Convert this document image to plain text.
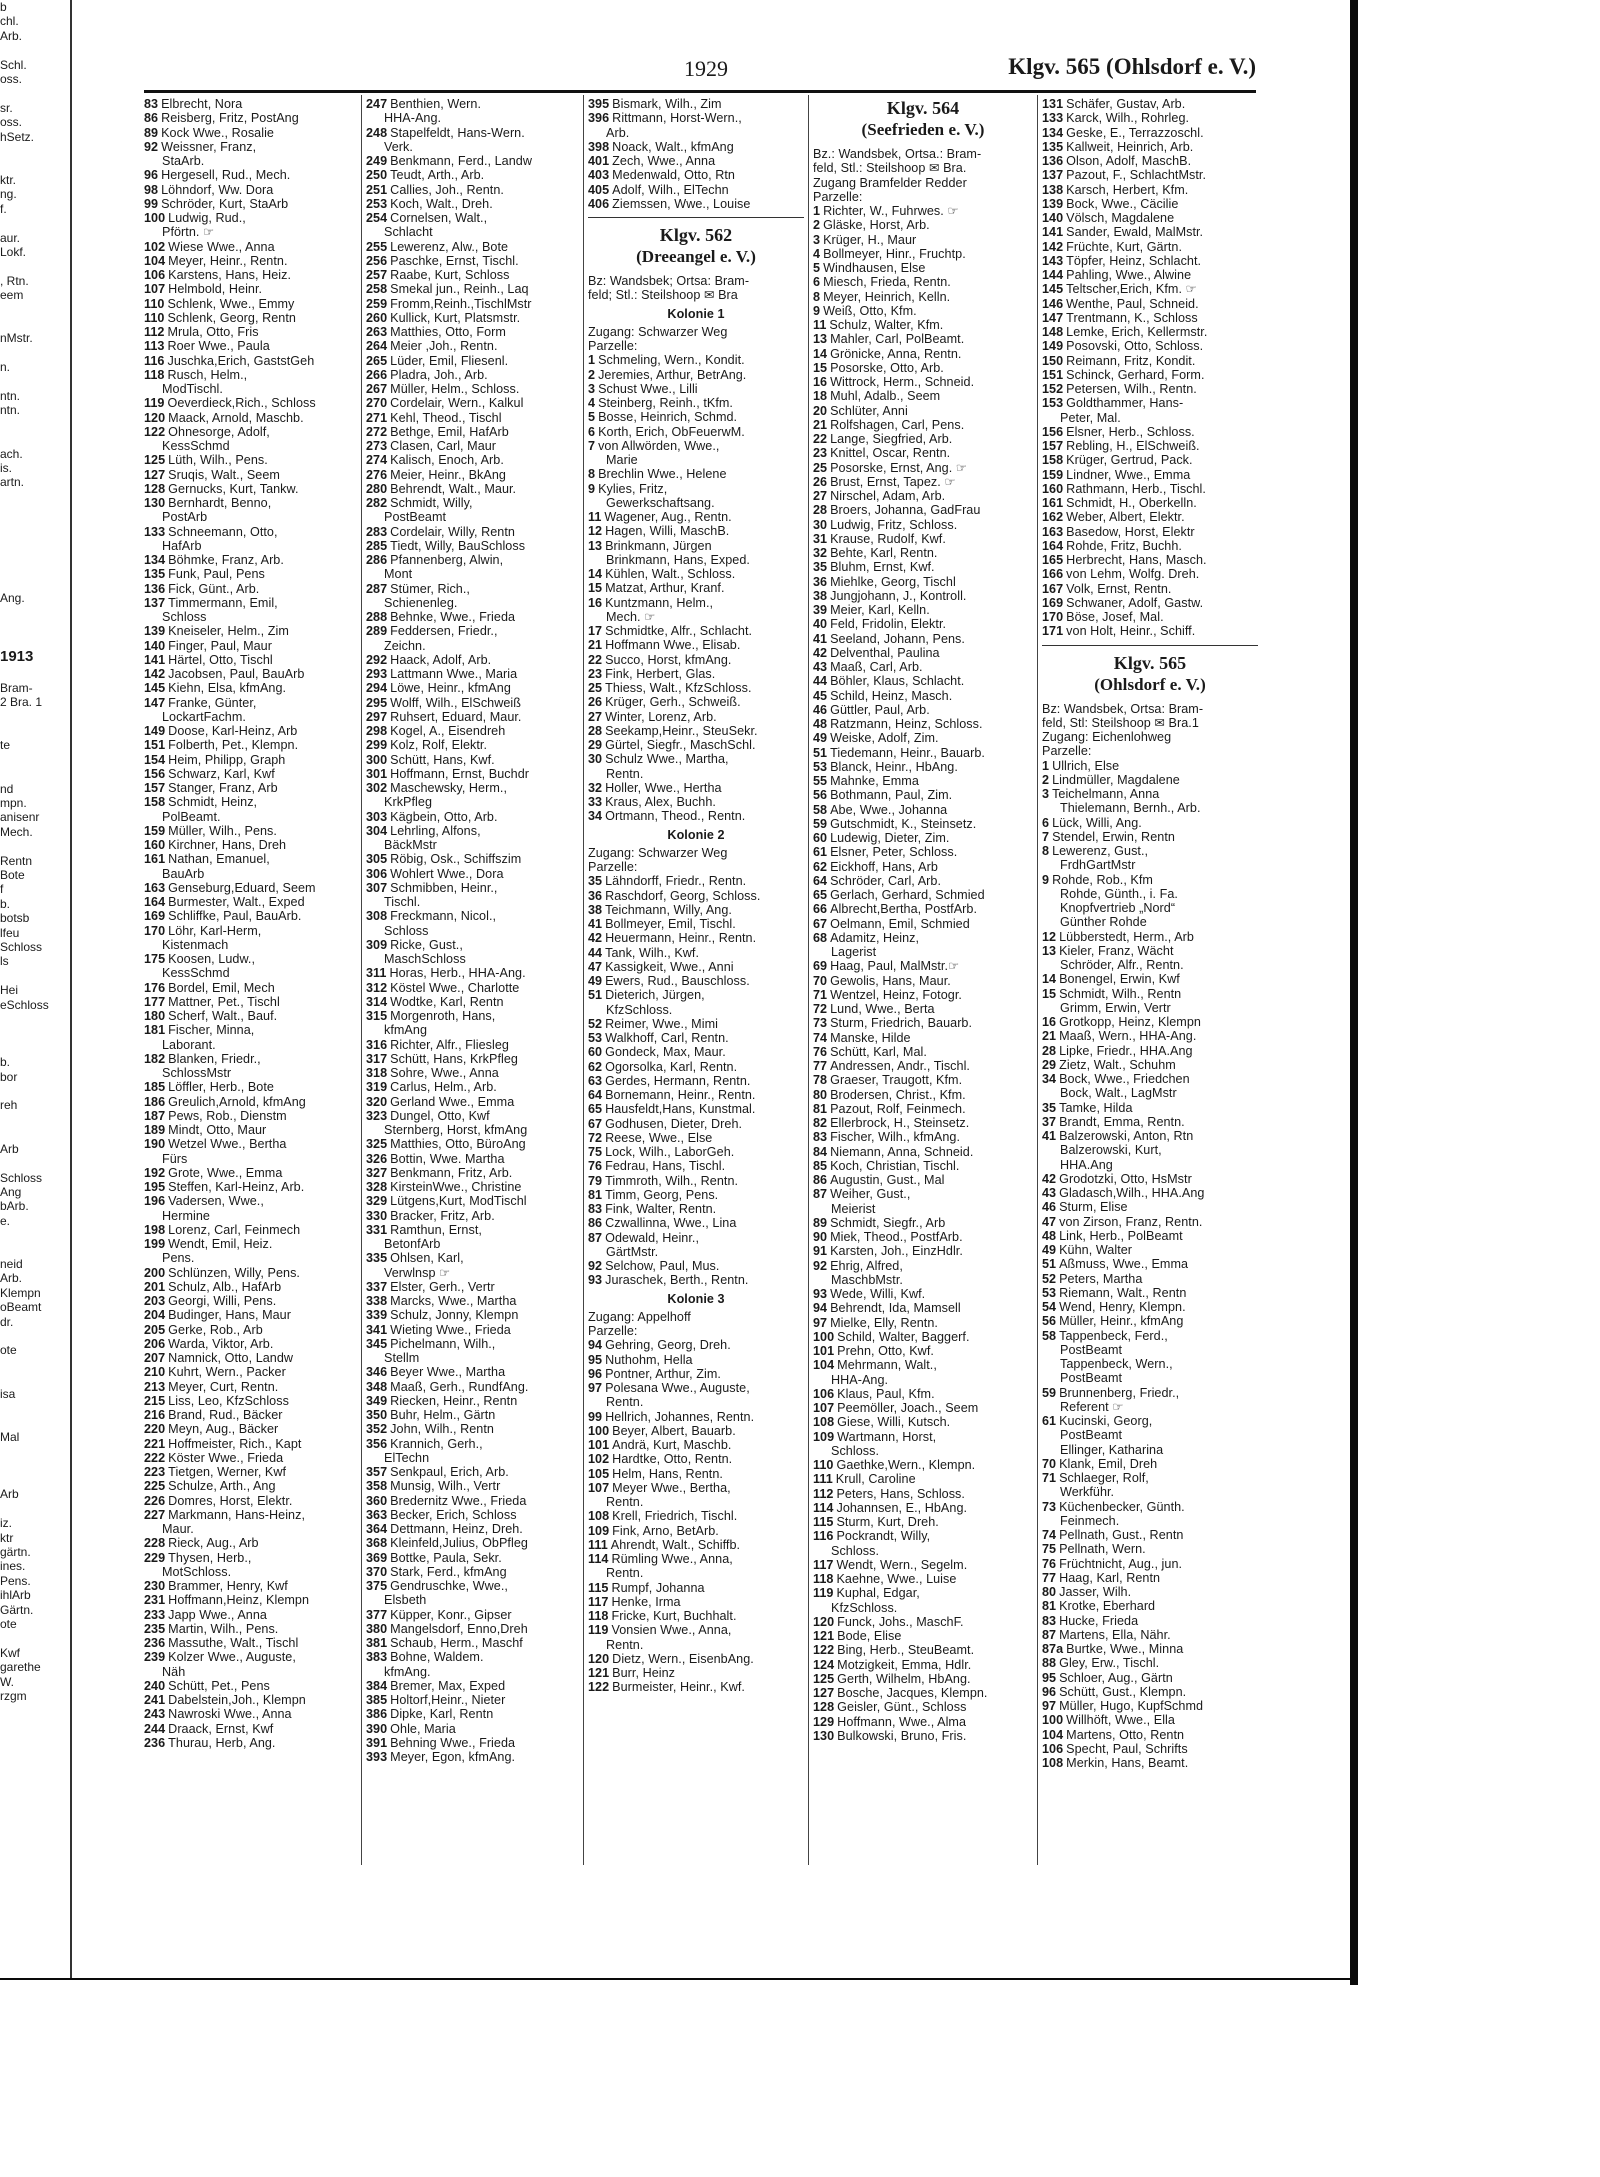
b
chl.
Arb.

Schl.
oss.

sr.
oss.
hSetz.

ktr.
ng.
f.

aur.
Lokf.

, Rtn.
eem

nMstr.

n.

ntn.
ntn.

ach.
is.
artn.

Ang.

1913

Bram-
2 Bra. 1

te

nd
mpn.
anisenr
Mech.

Rentn
Bote
f
b.
botsb
lfeu
Schloss
ls

Hei
eSchloss

b.
bor

reh

Arb

Schloss
Ang
bArb.
e.

neid
Arb.
Klempn
oBeamt
dr.

ote

isa

Mal

Arb

iz.
ktr
gärtn.
ines.
Pens.
ihlArb
Gärtn.
ote

Kwf
garethe
W.
rzgm
1929	Klgv. 565 (Ohlsdorf e. V.)
83 Elbrecht, Nora
86 Reisberg, Fritz, PostAng
89 Kock Wwe., Rosalie
92 Weissner, Franz,
StaArb.
96 Hergesell, Rud., Mech.
98 Löhndorf, Ww. Dora
99 Schröder, Kurt, StaArb
100 Ludwig, Rud.,
Pförtn. ☞
102 Wiese Wwe., Anna
104 Meyer, Heinr., Rentn.
106 Karstens, Hans, Heiz.
107 Helmbold, Heinr.
110 Schlenk, Wwe., Emmy
110 Schlenk, Georg, Rentn
112 Mrula, Otto, Fris
113 Roer Wwe., Paula
116 Juschka,Erich, GaststGeh
118 Rusch, Helm.,
ModTischl.
119 Oeverdieck,Rich., Schloss
120 Maack, Arnold, Maschb.
122 Ohnesorge, Adolf,
KessSchmd
125 Lüth, Wilh., Pens.
127 Sruqis, Walt., Seem
128 Gernucks, Kurt, Tankw.
130 Bernhardt, Benno,
PostArb
133 Schneemann, Otto,
HafArb
134 Böhmke, Franz, Arb.
135 Funk, Paul, Pens
136 Fick, Günt., Arb.
137 Timmermann, Emil,
Schloss
139 Kneiseler, Helm., Zim
140 Finger, Paul, Maur
141 Härtel, Otto, Tischl
142 Jacobsen, Paul, BauArb
145 Kiehn, Elsa, kfmAng.
147 Franke, Günter,
LockartFachm.
149 Doose, Karl-Heinz, Arb
151 Folberth, Pet., Klempn.
154 Heim, Philipp, Graph
156 Schwarz, Karl, Kwf
157 Stanger, Franz, Arb
158 Schmidt, Heinz,
PolBeamt.
159 Müller, Wilh., Pens.
160 Kirchner, Hans, Dreh
161 Nathan, Emanuel,
BauArb
163 Genseburg,Eduard, Seem
164 Burmester, Walt., Exped
169 Schliffke, Paul, BauArb.
170 Löhr, Karl-Herm,
Kistenmach
175 Koosen, Ludw.,
KessSchmd
176 Bordel, Emil, Mech
177 Mattner, Pet., Tischl
180 Scherf, Walt., Bauf.
181 Fischer, Minna,
Laborant.
182 Blanken, Friedr.,
SchlossMstr
185 Löffler, Herb., Bote
186 Greulich,Arnold, kfmAng
187 Pews, Rob., Dienstm
189 Mindt, Otto, Maur
190 Wetzel Wwe., Bertha
Fürs
192 Grote, Wwe., Emma
195 Steffen, Karl-Heinz, Arb.
196 Vadersen, Wwe.,
Hermine
198 Lorenz, Carl, Feinmech
199 Wendt, Emil, Heiz.
Pens.
200 Schlünzen, Willy, Pens.
201 Schulz, Alb., HafArb
203 Georgi, Willi, Pens.
204 Budinger, Hans, Maur
205 Gerke, Rob., Arb
206 Warda, Viktor, Arb.
207 Namnick, Otto, Landw
210 Kuhrt, Wern., Packer
213 Meyer, Curt, Rentn.
215 Liss, Leo, KfzSchloss
216 Brand, Rud., Bäcker
220 Meyn, Aug., Bäcker
221 Hoffmeister, Rich., Kapt
222 Köster Wwe., Frieda
223 Tietgen, Werner, Kwf
225 Schulze, Arth., Ang
226 Domres, Horst, Elektr.
227 Markmann, Hans-Heinz,
Maur.
228 Rieck, Aug., Arb
229 Thysen, Herb.,
MotSchloss.
230 Brammer, Henry, Kwf
231 Hoffmann,Heinz, Klempn
233 Japp Wwe., Anna
235 Martin, Wilh., Pens.
236 Massuthe, Walt., Tischl
239 Kolzer Wwe., Auguste,
Näh
240 Schütt, Pet., Pens
241 Dabelstein,Joh., Klempn
243 Nawroski Wwe., Anna
244 Draack, Ernst, Kwf
236 Thurau, Herb, Ang.
247 Benthien, Wern.
HHA-Ang.
248 Stapelfeldt, Hans-Wern.
Verk.
249 Benkmann, Ferd., Landw
250 Teudt, Arth., Arb.
251 Callies, Joh., Rentn.
253 Koch, Walt., Dreh.
254 Cornelsen, Walt.,
Schlacht
255 Lewerenz, Alw., Bote
256 Paschke, Ernst, Tischl.
257 Raabe, Kurt, Schloss
258 Smekal jun., Reinh., Laq
259 Fromm,Reinh.,TischlMstr
260 Kullick, Kurt, Platsmstr.
263 Matthies, Otto, Form
264 Meier ,Joh., Rentn.
265 Lüder, Emil, Fliesenl.
266 Pladra, Joh., Arb.
267 Müller, Helm., Schloss.
270 Cordelair, Wern., Kalkul
271 Kehl, Theod., Tischl
272 Bethge, Emil, HafArb
273 Clasen, Carl, Maur
274 Kalisch, Enoch, Arb.
276 Meier, Heinr., BkAng
280 Behrendt, Walt., Maur.
282 Schmidt, Willy,
PostBeamt
283 Cordelair, Willy, Rentn
285 Tiedt, Willy, BauSchloss
286 Pfannenberg, Alwin,
Mont
287 Stümer, Rich.,
Schienenleg.
288 Behnke, Wwe., Frieda
289 Feddersen, Friedr.,
Zeichn.
292 Haack, Adolf, Arb.
293 Lattmann Wwe., Maria
294 Löwe, Heinr., kfmAng
295 Wolff, Wilh., ElSchweiß
297 Ruhsert, Eduard, Maur.
298 Kogel, A., Eisendreh
299 Kolz, Rolf, Elektr.
300 Schütt, Hans, Kwf.
301 Hoffmann, Ernst, Buchdr
302 Maschewsky, Herm.,
KrkPfleg
303 Kägbein, Otto, Arb.
304 Lehrling, Alfons,
BäckMstr
305 Röbig, Osk., Schiffszim
306 Wohlert Wwe., Dora
307 Schmibben, Heinr.,
Tischl.
308 Freckmann, Nicol.,
Schloss
309 Ricke, Gust.,
MaschSchloss
311 Horas, Herb., HHA-Ang.
312 Köstel Wwe., Charlotte
314 Wodtke, Karl, Rentn
315 Morgenroth, Hans,
kfmAng
316 Richter, Alfr., Fliesleg
317 Schütt, Hans, KrkPfleg
318 Sohre, Wwe., Anna
319 Carlus, Helm., Arb.
320 Gerland Wwe., Emma
323 Dungel, Otto, Kwf
Sternberg, Horst, kfmAng
325 Matthies, Otto, BüroAng
326 Bottin, Wwe. Martha
327 Benkmann, Fritz, Arb.
328 KirsteinWwe., Christine
329 Lütgens,Kurt, ModTischl
330 Bracker, Fritz, Arb.
331 Ramthun, Ernst,
BetonfArb
335 Ohlsen, Karl,
Verwlnsp ☞
337 Elster, Gerh., Vertr
338 Marcks, Wwe., Martha
339 Schulz, Jonny, Klempn
341 Wieting Wwe., Frieda
345 Pichelmann, Wilh.,
Stellm
346 Beyer Wwe., Martha
348 Maaß, Gerh., RundfAng.
349 Riecken, Heinr., Rentn
350 Buhr, Helm., Gärtn
352 John, Wilh., Rentn
356 Krannich, Gerh.,
ElTechn
357 Senkpaul, Erich, Arb.
358 Munsig, Wilh., Vertr
360 Bredernitz Wwe., Frieda
363 Becker, Erich, Schloss
364 Dettmann, Heinz, Dreh.
368 Kleinfeld,Julius, ObPfleg
369 Bottke, Paula, Sekr.
370 Stark, Ferd., kfmAng
375 Gendruschke, Wwe.,
Elsbeth
377 Küpper, Konr., Gipser
380 Mangelsdorf, Enno,Dreh
381 Schaub, Herm., Maschf
383 Bohne, Waldem.
kfmAng.
384 Bremer, Max, Exped
385 Holtorf,Heinr., Nieter
386 Dipke, Karl, Rentn
390 Ohle, Maria
391 Behning Wwe., Frieda
393 Meyer, Egon, kfmAng.
395 Bismark, Wilh., Zim
396 Rittmann, Horst-Wern.,
Arb.
398 Noack, Walt., kfmAng
401 Zech, Wwe., Anna
403 Medenwald, Otto, Rtn
405 Adolf, Wilh., ElTechn
406 Ziemssen, Wwe., Louise
Klgv. 562
(Dreeangel e. V.)
Bz: Wandsbek; Ortsa: Bram-
feld; Stl.: Steilshoop ✉ Bra
Kolonie 1
Zugang: Schwarzer Weg
Parzelle:
1 Schmeling, Wern., Kondit.
2 Jeremies, Arthur, BetrAng.
3 Schust Wwe., Lilli
4 Steinberg, Reinh., tKfm.
5 Bosse, Heinrich, Schmd.
6 Korth, Erich, ObFeuerwM.
7 von Allwörden, Wwe.,
Marie
8 Brechlin Wwe., Helene
9 Kylies, Fritz,
Gewerkschaftsang.
11 Wagener, Aug., Rentn.
12 Hagen, Willi, MaschB.
13 Brinkmann, Jürgen
Brinkmann, Hans, Exped.
14 Kühlen, Walt., Schloss.
15 Matzat, Arthur, Kranf.
16 Kuntzmann, Helm.,
Mech. ☞
17 Schmidtke, Alfr., Schlacht.
21 Hoffmann Wwe., Elisab.
22 Succo, Horst, kfmAng.
23 Fink, Herbert, Glas.
25 Thiess, Walt., KfzSchloss.
26 Krüger, Gerh., Schweiß.
27 Winter, Lorenz, Arb.
28 Seekamp,Heinr., SteuSekr.
29 Gürtel, Siegfr., MaschSchl.
30 Schulz Wwe., Martha,
Rentn.
32 Holler, Wwe., Hertha
33 Kraus, Alex, Buchh.
34 Ortmann, Theod., Rentn.
Kolonie 2
Zugang: Schwarzer Weg
Parzelle:
35 Lähndorff, Friedr., Rentn.
36 Raschdorf, Georg, Schloss.
38 Teichmann, Willy, Ang.
41 Bollmeyer, Emil, Tischl.
42 Heuermann, Heinr., Rentn.
44 Tank, Wilh., Kwf.
47 Kassigkeit, Wwe., Anni
49 Ewers, Rud., Bauschloss.
51 Dieterich, Jürgen,
KfzSchloss.
52 Reimer, Wwe., Mimi
53 Walkhoff, Carl, Rentn.
60 Gondeck, Max, Maur.
62 Ogorsolka, Karl, Rentn.
63 Gerdes, Hermann, Rentn.
64 Bornemann, Heinr., Rentn.
65 Hausfeldt,Hans, Kunstmal.
67 Godhusen, Dieter, Dreh.
72 Reese, Wwe., Else
75 Lock, Wilh., LaborGeh.
76 Fedrau, Hans, Tischl.
79 Timmroth, Wilh., Rentn.
81 Timm, Georg, Pens.
83 Fink, Walter, Rentn.
86 Czwallinna, Wwe., Lina
87 Odewald, Heinr.,
GärtMstr.
92 Selchow, Paul, Mus.
93 Juraschek, Berth., Rentn.
Kolonie 3
Zugang: Appelhoff
Parzelle:
94 Gehring, Georg, Dreh.
95 Nuthohm, Hella
96 Pontner, Arthur, Zim.
97 Polesana Wwe., Auguste,
Rentn.
99 Hellrich, Johannes, Rentn.
100 Beyer, Albert, Bauarb.
101 Andrä, Kurt, Maschb.
102 Hardtke, Otto, Rentn.
105 Helm, Hans, Rentn.
107 Meyer Wwe., Bertha,
Rentn.
108 Krell, Friedrich, Tischl.
109 Fink, Arno, BetArb.
111 Ahrendt, Walt., Schiffb.
114 Rümling Wwe., Anna,
Rentn.
115 Rumpf, Johanna
117 Henke, Irma
118 Fricke, Kurt, Buchhalt.
119 Vonsien Wwe., Anna,
Rentn.
120 Dietz, Wern., EisenbAng.
121 Burr, Heinz
122 Burmeister, Heinr., Kwf.
Klgv. 564
(Seefrieden e. V.)
Bz.: Wandsbek, Ortsa.: Bram-
feld, Stl.: Steilshoop ✉ Bra.
Zugang Bramfelder Redder
Parzelle:
1 Richter, W., Fuhrwes. ☞
2 Gläske, Horst, Arb.
3 Krüger, H., Maur
4 Bollmeyer, Hinr., Fruchtp.
5 Windhausen, Else
6 Miesch, Frieda, Rentn.
8 Meyer, Heinrich, Kelln.
9 Weiß, Otto, Kfm.
11 Schulz, Walter, Kfm.
13 Mahler, Carl, PolBeamt.
14 Grönicke, Anna, Rentn.
15 Posorske, Otto, Arb.
16 Wittrock, Herm., Schneid.
18 Muhl, Adalb., Seem
20 Schlüter, Anni
21 Rolfshagen, Carl, Pens.
22 Lange, Siegfried, Arb.
23 Knittel, Oscar, Rentn.
25 Posorske, Ernst, Ang. ☞
26 Brust, Ernst, Tapez. ☞
27 Nirschel, Adam, Arb.
28 Broers, Johanna, GadFrau
30 Ludwig, Fritz, Schloss.
31 Krause, Rudolf, Kwf.
32 Behte, Karl, Rentn.
35 Bluhm, Ernst, Kwf.
36 Miehlke, Georg, Tischl
38 Jungjohann, J., Kontroll.
39 Meier, Karl, Kelln.
40 Feld, Fridolin, Elektr.
41 Seeland, Johann, Pens.
42 Delventhal, Paulina
43 Maaß, Carl, Arb.
44 Böhler, Klaus, Schlacht.
45 Schild, Heinz, Masch.
46 Güttler, Paul, Arb.
48 Ratzmann, Heinz, Schloss.
49 Weiske, Adolf, Zim.
51 Tiedemann, Heinr., Bauarb.
53 Blanck, Heinr., HbAng.
55 Mahnke, Emma
56 Bothmann, Paul, Zim.
58 Abe, Wwe., Johanna
59 Gutschmidt, K., Steinsetz.
60 Ludewig, Dieter, Zim.
61 Elsner, Peter, Schloss.
62 Eickhoff, Hans, Arb
64 Schröder, Carl, Arb.
65 Gerlach, Gerhard, Schmied
66 Albrecht,Bertha, PostfArb.
67 Oelmann, Emil, Schmied
68 Adamitz, Heinz,
Lagerist
69 Haag, Paul, MalMstr.☞
70 Gewolis, Hans, Maur.
71 Wentzel, Heinz, Fotogr.
72 Lund, Wwe., Berta
73 Sturm, Friedrich, Bauarb.
74 Manske, Hilde
76 Schütt, Karl, Mal.
77 Andressen, Andr., Tischl.
78 Graeser, Traugott, Kfm.
80 Brodersen, Christ., Kfm.
81 Pazout, Rolf, Feinmech.
82 Ellerbrock, H., Steinsetz.
83 Fischer, Wilh., kfmAng.
84 Niemann, Anna, Schneid.
85 Koch, Christian, Tischl.
86 Augustin, Gust., Mal
87 Weiher, Gust.,
Meierist
89 Schmidt, Siegfr., Arb
90 Miek, Theod., PostfArb.
91 Karsten, Joh., EinzHdlr.
92 Ehrig, Alfred,
MaschbMstr.
93 Wede, Willi, Kwf.
94 Behrendt, Ida, Mamsell
97 Mielke, Elly, Rentn.
100 Schild, Walter, Baggerf.
101 Prehn, Otto, Kwf.
104 Mehrmann, Walt.,
HHA-Ang.
106 Klaus, Paul, Kfm.
107 Peemöller, Joach., Seem
108 Giese, Willi, Kutsch.
109 Wartmann, Horst,
Schloss.
110 Gaethke,Wern., Klempn.
111 Krull, Caroline
112 Peters, Hans, Schloss.
114 Johannsen, E., HbAng.
115 Sturm, Kurt, Dreh.
116 Pockrandt, Willy,
Schloss.
117 Wendt, Wern., Segelm.
118 Kaehne, Wwe., Luise
119 Kuphal, Edgar,
KfzSchloss.
120 Funck, Johs., MaschF.
121 Bode, Elise
122 Bing, Herb., SteuBeamt.
124 Motzigkeit, Emma, Hdlr.
125 Gerth, Wilhelm, HbAng.
127 Bosche, Jacques, Klempn.
128 Geisler, Günt., Schloss
129 Hoffmann, Wwe., Alma
130 Bulkowski, Bruno, Fris.
131 Schäfer, Gustav, Arb.
133 Karck, Wilh., Rohrleg.
134 Geske, E., Terrazzoschl.
135 Kallweit, Heinrich, Arb.
136 Olson, Adolf, MaschB.
137 Pazout, F., SchlachtMstr.
138 Karsch, Herbert, Kfm.
139 Bock, Wwe., Cäcilie
140 Völsch, Magdalene
141 Sander, Ewald, MalMstr.
142 Früchte, Kurt, Gärtn.
143 Töpfer, Heinz, Schlacht.
144 Pahling, Wwe., Alwine
145 Teltscher,Erich, Kfm. ☞
146 Wenthe, Paul, Schneid.
147 Trentmann, K., Schloss
148 Lemke, Erich, Kellermstr.
149 Posovski, Otto, Schloss.
150 Reimann, Fritz, Kondit.
151 Schinck, Gerhard, Form.
152 Petersen, Wilh., Rentn.
153 Goldthammer, Hans-
Peter, Mal.
156 Elsner, Herb., Schloss.
157 Rebling, H., ElSchweiß.
158 Krüger, Gertrud, Pack.
159 Lindner, Wwe., Emma
160 Rathmann, Herb., Tischl.
161 Schmidt, H., Oberkelln.
162 Weber, Albert, Elektr.
163 Basedow, Horst, Elektr
164 Rohde, Fritz, Buchh.
165 Herbrecht, Hans, Masch.
166 von Lehm, Wolfg. Dreh.
167 Volk, Ernst, Rentn.
169 Schwaner, Adolf, Gastw.
170 Böse, Josef, Mal.
171 von Holt, Heinr., Schiff.
Klgv. 565
(Ohlsdorf e. V.)
Bz: Wandsbek, Ortsa: Bram-
feld, Stl: Steilshoop ✉ Bra.1
Zugang: Eichenlohweg
Parzelle:
1 Ullrich, Else
2 Lindmüller, Magdalene
3 Teichelmann, Anna
Thielemann, Bernh., Arb.
6 Lück, Willi, Ang.
7 Stendel, Erwin, Rentn
8 Lewerenz, Gust.,
FrdhGartMstr
9 Rohde, Rob., Kfm
Rohde, Günth., i. Fa.
Knopfvertrieb „Nord“
Günther Rohde
12 Lübberstedt, Herm., Arb
13 Kieler, Franz, Wächt
Schröder, Alfr., Rentn.
14 Bonengel, Erwin, Kwf
15 Schmidt, Wilh., Rentn
Grimm, Erwin, Vertr
16 Grotkopp, Heinz, Klempn
21 Maaß, Wern., HHA-Ang.
28 Lipke, Friedr., HHA.Ang
29 Zietz, Walt., Schuhm
34 Bock, Wwe., Friedchen
Bock, Walt., LagMstr
35 Tamke, Hilda
37 Brandt, Emma, Rentn.
41 Balzerowski, Anton, Rtn
Balzerowski, Kurt,
HHA.Ang
42 Grodotzki, Otto, HsMstr
43 Gladasch,Wilh., HHA.Ang
46 Sturm, Elise
47 von Zirson, Franz, Rentn.
48 Link, Herb., PolBeamt
49 Kühn, Walter
51 Aßmuss, Wwe., Emma
52 Peters, Martha
53 Riemann, Walt., Rentn
54 Wend, Henry, Klempn.
56 Müller, Heinr., kfmAng
58 Tappenbeck, Ferd.,
PostBeamt
Tappenbeck, Wern.,
PostBeamt
59 Brunnenberg, Friedr.,
Referent ☞
61 Kucinski, Georg,
PostBeamt
Ellinger, Katharina
70 Klank, Emil, Dreh
71 Schlaeger, Rolf,
Werkführ.
73 Küchenbecker, Günth.
Feinmech.
74 Pellnath, Gust., Rentn
75 Pellnath, Wern.
76 Früchtnicht, Aug., jun.
77 Haag, Karl, Rentn
80 Jasser, Wilh.
81 Krotke, Eberhard
83 Hucke, Frieda
87 Martens, Ella, Nähr.
87a Burtke, Wwe., Minna
88 Gley, Erw., Tischl.
95 Schloer, Aug., Gärtn
96 Schütt, Gust., Klempn.
97 Müller, Hugo, KupfSchmd
100 Willhöft, Wwe., Ella
104 Martens, Otto, Rentn
106 Specht, Paul, Schrifts
108 Merkin, Hans, Beamt.
